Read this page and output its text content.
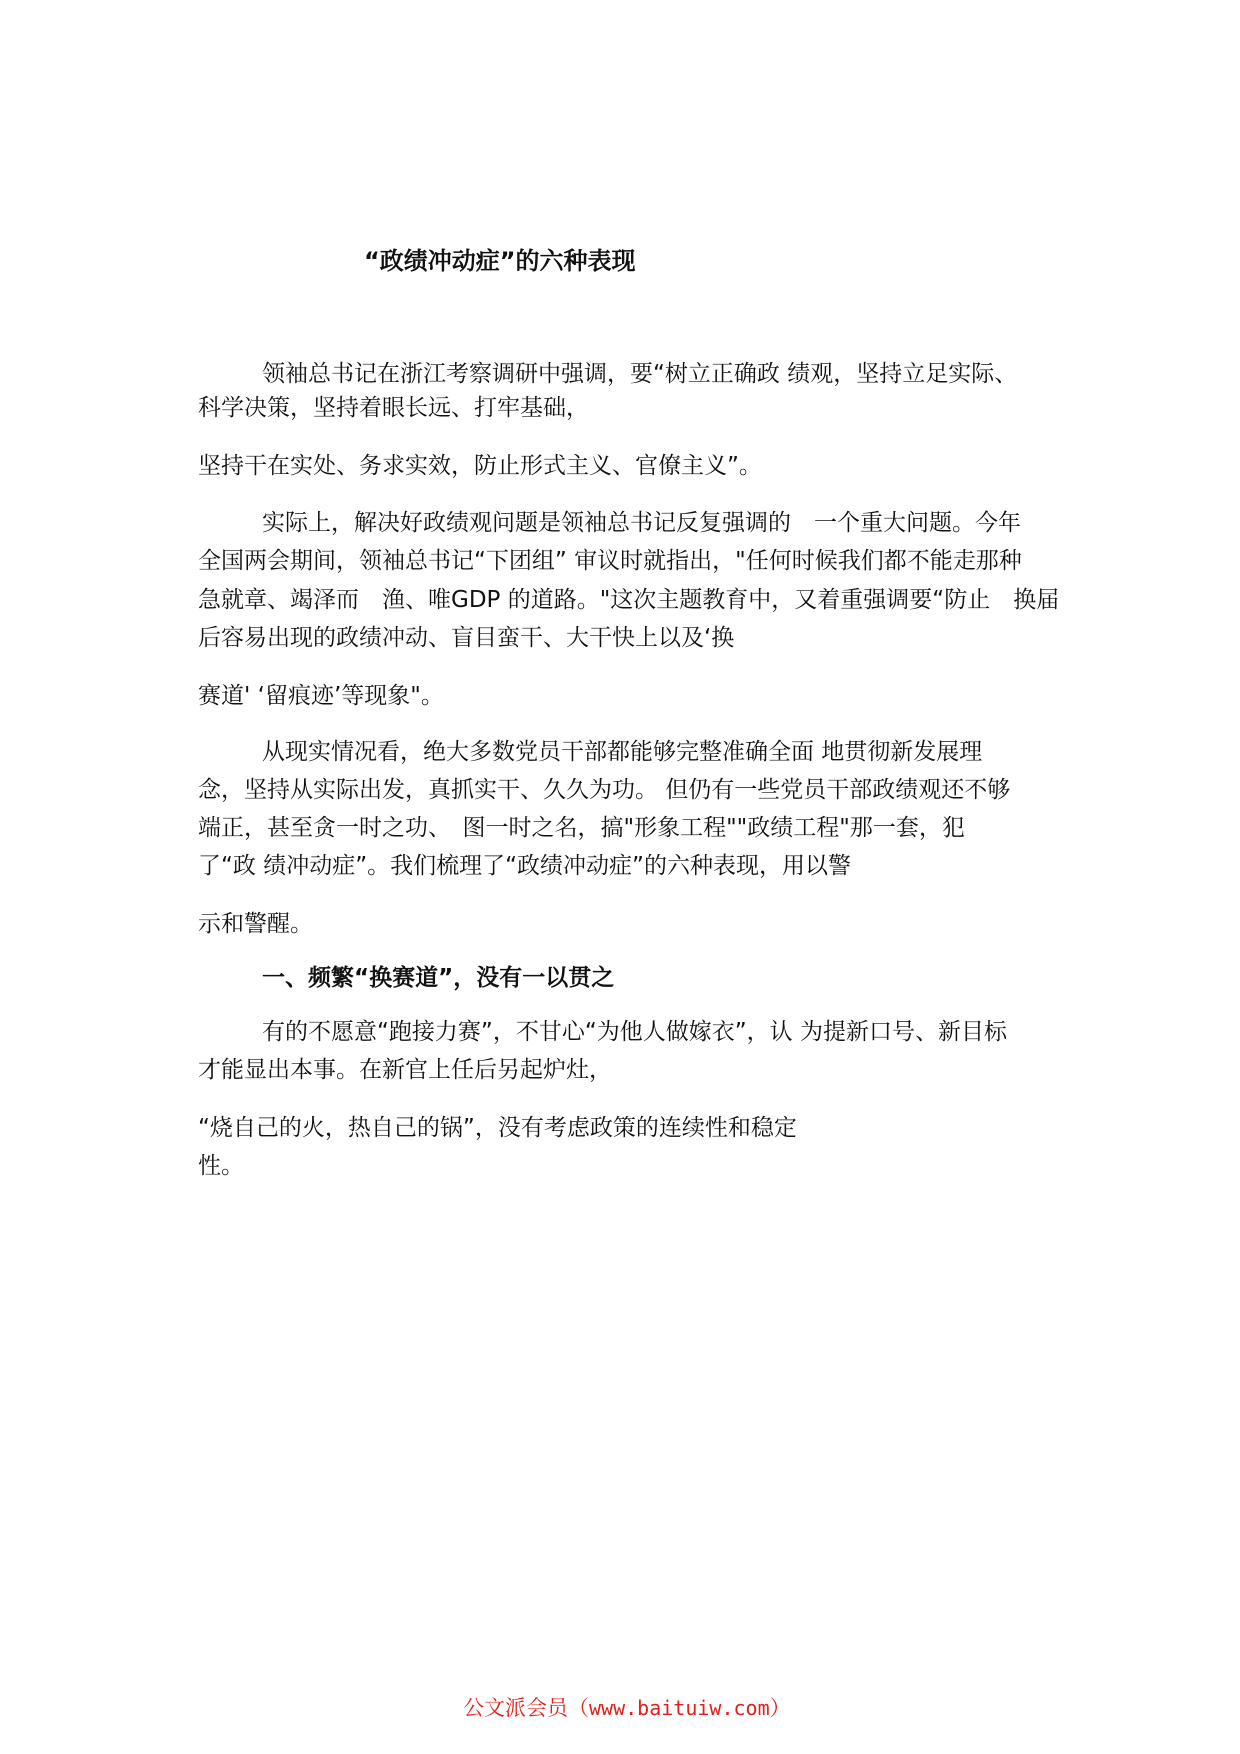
“政绩冲动症”的六种表现
领袖总书记在浙江考察调研中强调，要“树立正确政 绩观，坚持立足实际、
科学决策，坚持着眼长远、打牢基础，
坚持干在实处、务求实效，防止形式主义、官僚主义”。
实际上，解决好政绩观问题是领袖总书记反复强调的　一个重大问题。今年
全国两会期间，领袖总书记“下团组” 审议时就指出，"任何时候我们都不能走那种
急就章、竭泽而　渔、唯GDP 的道路。"这次主题教育中，又着重强调要“防止　换届
后容易出现的政绩冲动、盲目蛮干、大干快上以及‘换
赛道' ‘留痕迹’等现象"。
从现实情况看，绝大多数党员干部都能够完整准确全面 地贯彻新发展理
念，坚持从实际出发，真抓实干、久久为功。 但仍有一些党员干部政绩观还不够
端正，甚至贪一时之功、　图一时之名，搞"形象工程""政绩工程"那一套，犯
了“政 绩冲动症”。我们梳理了“政绩冲动症”的六种表现，用以警
示和警醒。
一、频繁“换赛道”，没有一以贯之
有的不愿意“跑接力赛”，不甘心“为他人做嫁衣”，认 为提新口号、新目标
才能显出本事。在新官上任后另起炉灶，
“烧自己的火，热自己的锅”，没有考虑政策的连续性和稳定
性。
公文派会员（www.baituiw.com）
